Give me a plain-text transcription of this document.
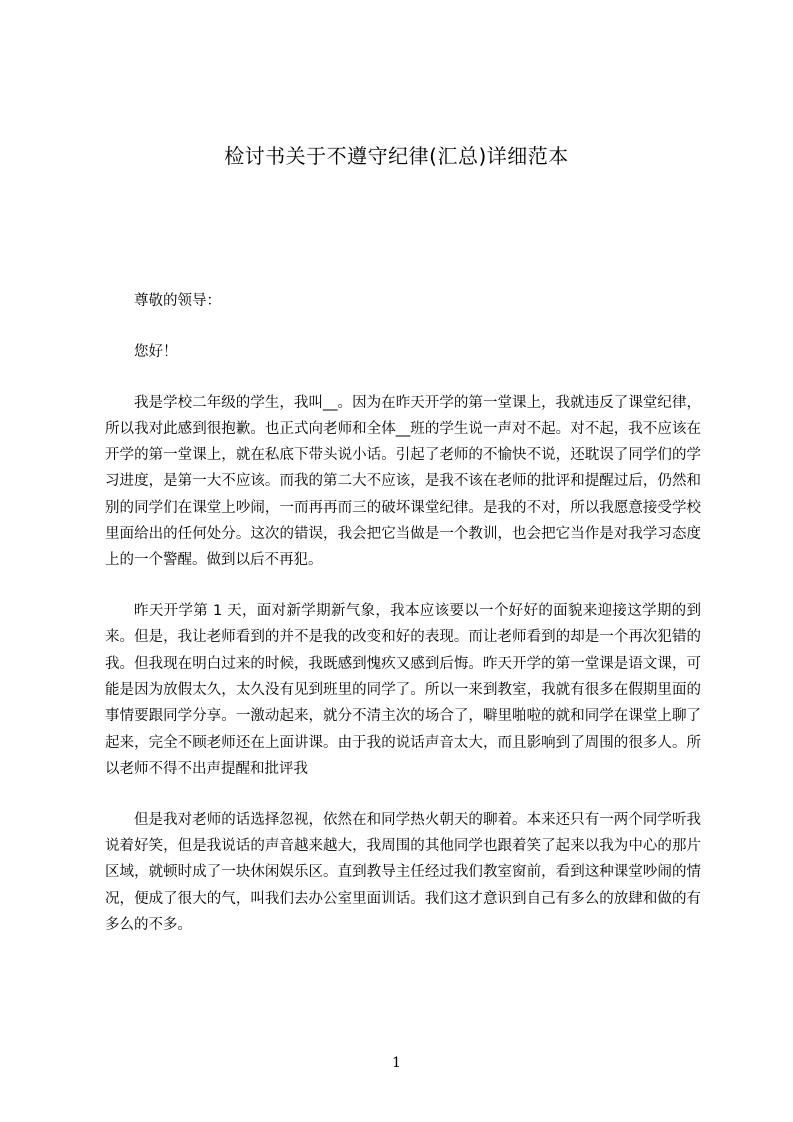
检讨书关于不遵守纪律(汇总)详细范本

尊敬的领导：

您好！

我是学校二年级的学生，我叫__。因为在昨天开学的第一堂课上，我就违反了课堂纪律，所以我对此感到很抱歉。也正式向老师和全体__班的学生说一声对不起。对不起，我不应该在开学的第一堂课上，就在私底下带头说小话。引起了老师的不愉快不说，还耽误了同学们的学习进度，是第一大不应该。而我的第二大不应该，是我不该在老师的批评和提醒过后，仍然和别的同学们在课堂上吵闹，一而再再而三的破坏课堂纪律。是我的不对，所以我愿意接受学校里面给出的任何处分。这次的错误，我会把它当做是一个教训，也会把它当作是对我学习态度上的一个警醒。做到以后不再犯。

昨天开学第 1 天，面对新学期新气象，我本应该要以一个好好的面貌来迎接这学期的到来。但是，我让老师看到的并不是我的改变和好的表现。而让老师看到的却是一个再次犯错的我。但我现在明白过来的时候，我既感到愧疚又感到后悔。昨天开学的第一堂课是语文课，可能是因为放假太久，太久没有见到班里的同学了。所以一来到教室，我就有很多在假期里面的事情要跟同学分享。一激动起来，就分不清主次的场合了，噼里啪啦的就和同学在课堂上聊了起来，完全不顾老师还在上面讲课。由于我的说话声音太大，而且影响到了周围的很多人。所以老师不得不出声提醒和批评我

但是我对老师的话选择忽视，依然在和同学热火朝天的聊着。本来还只有一两个同学听我说着好笑，但是我说话的声音越来越大，我周围的其他同学也跟着笑了起来以我为中心的那片区域，就顿时成了一块休闲娱乐区。直到教导主任经过我们教室窗前，看到这种课堂吵闹的情况，便成了很大的气，叫我们去办公室里面训话。我们这才意识到自己有多么的放肆和做的有多么的不多。

1
